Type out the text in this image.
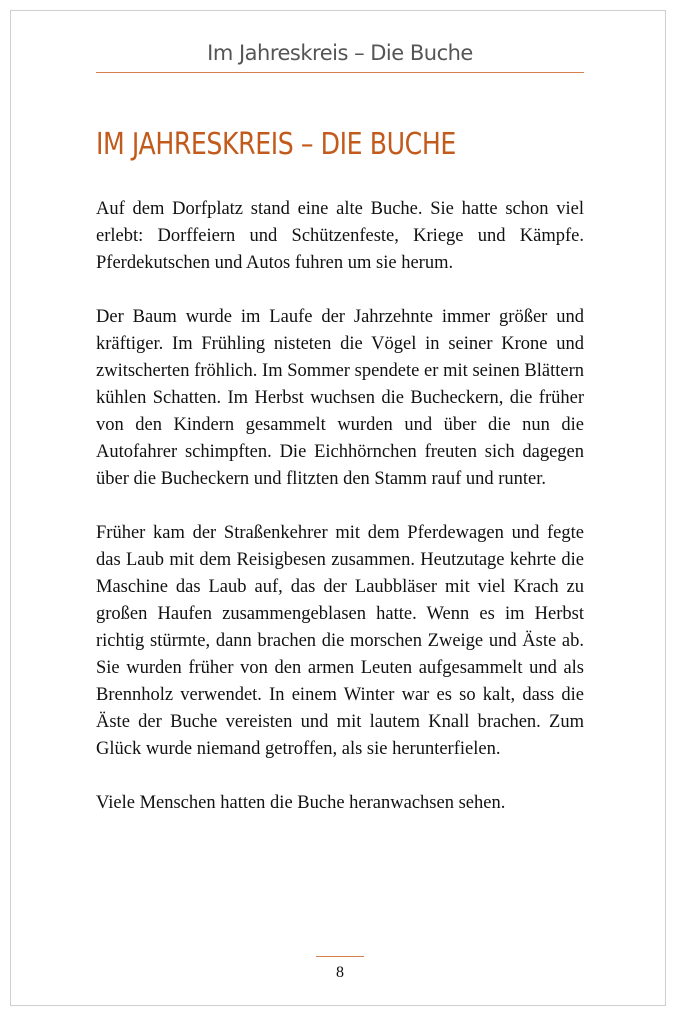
Im Jahreskreis – Die Buche
IM JAHRESKREIS – DIE BUCHE

Auf dem Dorfplatz stand eine alte Buche. Sie hatte schon viel erlebt: Dorffeiern und Schützenfeste, Kriege und Kämpfe. Pferdekutschen und Autos fuhren um sie herum.

Der Baum wurde im Laufe der Jahrzehnte immer größer und kräftiger. Im Frühling nisteten die Vögel in seiner Krone und zwitscherten fröhlich. Im Sommer spendete er mit seinen Blättern kühlen Schatten. Im Herbst wuchsen die Bucheckern, die früher von den Kindern gesammelt wurden und über die nun die Autofahrer schimpften. Die Eichhörnchen freuten sich dagegen über die Bucheckern und flitzten den Stamm rauf und runter.

Früher kam der Straßenkehrer mit dem Pferdewagen und fegte das Laub mit dem Reisigbesen zusammen. Heutzutage kehrte die Maschine das Laub auf, das der Laubbläser mit viel Krach zu großen Haufen zusammengeblasen hatte. Wenn es im Herbst richtig stürmte, dann brachen die morschen Zweige und Äste ab. Sie wurden früher von den armen Leuten aufgesammelt und als Brennholz verwendet. In einem Winter war es so kalt, dass die Äste der Buche vereisten und mit lautem Knall brachen. Zum Glück wurde niemand getroffen, als sie herunterfielen.

Viele Menschen hatten die Buche heranwachsen sehen.

8
